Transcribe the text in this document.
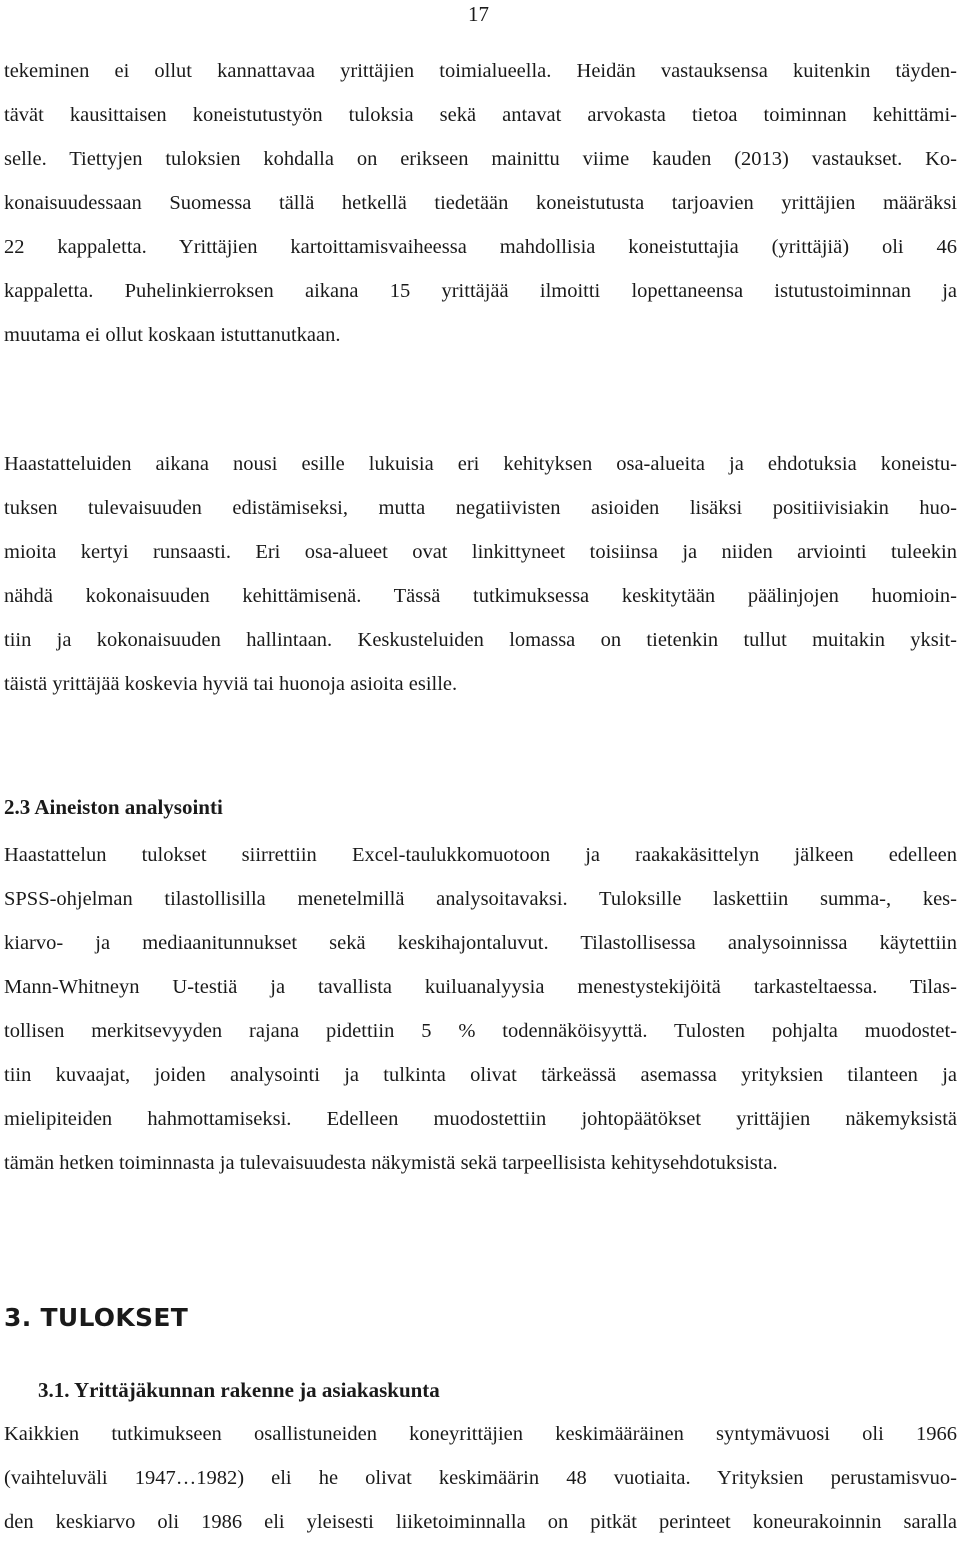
17
tekeminen ei ollut kannattavaa yrittäjien toimialueella. Heidän vastauksensa kuitenkin täyden-
tävät kausittaisen koneistutustyön tuloksia sekä antavat arvokasta tietoa toiminnan kehittämi-
selle. Tiettyjen tuloksien kohdalla on erikseen mainittu viime kauden (2013) vastaukset. Ko-
konaisuudessaan Suomessa tällä hetkellä tiedetään koneistutusta tarjoavien yrittäjien määräksi
22 kappaletta. Yrittäjien kartoittamisvaiheessa mahdollisia koneistuttajia (yrittäjiä) oli 46
kappaletta. Puhelinkierroksen aikana 15 yrittäjää ilmoitti lopettaneensa istutustoiminnan ja
muutama ei ollut koskaan istuttanutkaan.
Haastatteluiden aikana nousi esille lukuisia eri kehityksen osa-alueita ja ehdotuksia koneistu-
tuksen tulevaisuuden edistämiseksi, mutta negatiivisten asioiden lisäksi positiivisiakin huo-
mioita kertyi runsaasti. Eri osa-alueet ovat linkittyneet toisiinsa ja niiden arviointi tuleekin
nähdä kokonaisuuden kehittämisenä. Tässä tutkimuksessa keskitytään päälinjojen huomioin-
tiin ja kokonaisuuden hallintaan. Keskusteluiden lomassa on tietenkin tullut muitakin yksit-
täistä yrittäjää koskevia hyviä tai huonoja asioita esille.
2.3 Aineiston analysointi
Haastattelun tulokset siirrettiin Excel-taulukkomuotoon ja raakakäsittelyn jälkeen edelleen
SPSS-ohjelman tilastollisilla menetelmillä analysoitavaksi. Tuloksille laskettiin summa-, kes-
kiarvo- ja mediaanitunnukset sekä keskihajontaluvut. Tilastollisessa analysoinnissa käytettiin
Mann-Whitneyn U-testiä ja tavallista kuiluanalyysia menestystekijöitä tarkasteltaessa. Tilas-
tollisen merkitsevyyden rajana pidettiin 5 % todennäköisyyttä. Tulosten pohjalta muodostet-
tiin kuvaajat, joiden analysointi ja tulkinta olivat tärkeässä asemassa yrityksien tilanteen ja
mielipiteiden hahmottamiseksi. Edelleen muodostettiin johtopäätökset yrittäjien näkemyksistä
tämän hetken toiminnasta ja tulevaisuudesta näkymistä sekä tarpeellisista kehitysehdotuksista.
3. TULOKSET
3.1. Yrittäjäkunnan rakenne ja asiakaskunta
Kaikkien tutkimukseen osallistuneiden koneyrittäjien keskimääräinen syntymävuosi oli 1966
(vaihteluväli 1947…1982) eli he olivat keskimäärin 48 vuotiaita. Yrityksien perustamisvuo-
den keskiarvo oli 1986 eli yleisesti liiketoiminnalla on pitkät perinteet koneurakoinnin saralla
